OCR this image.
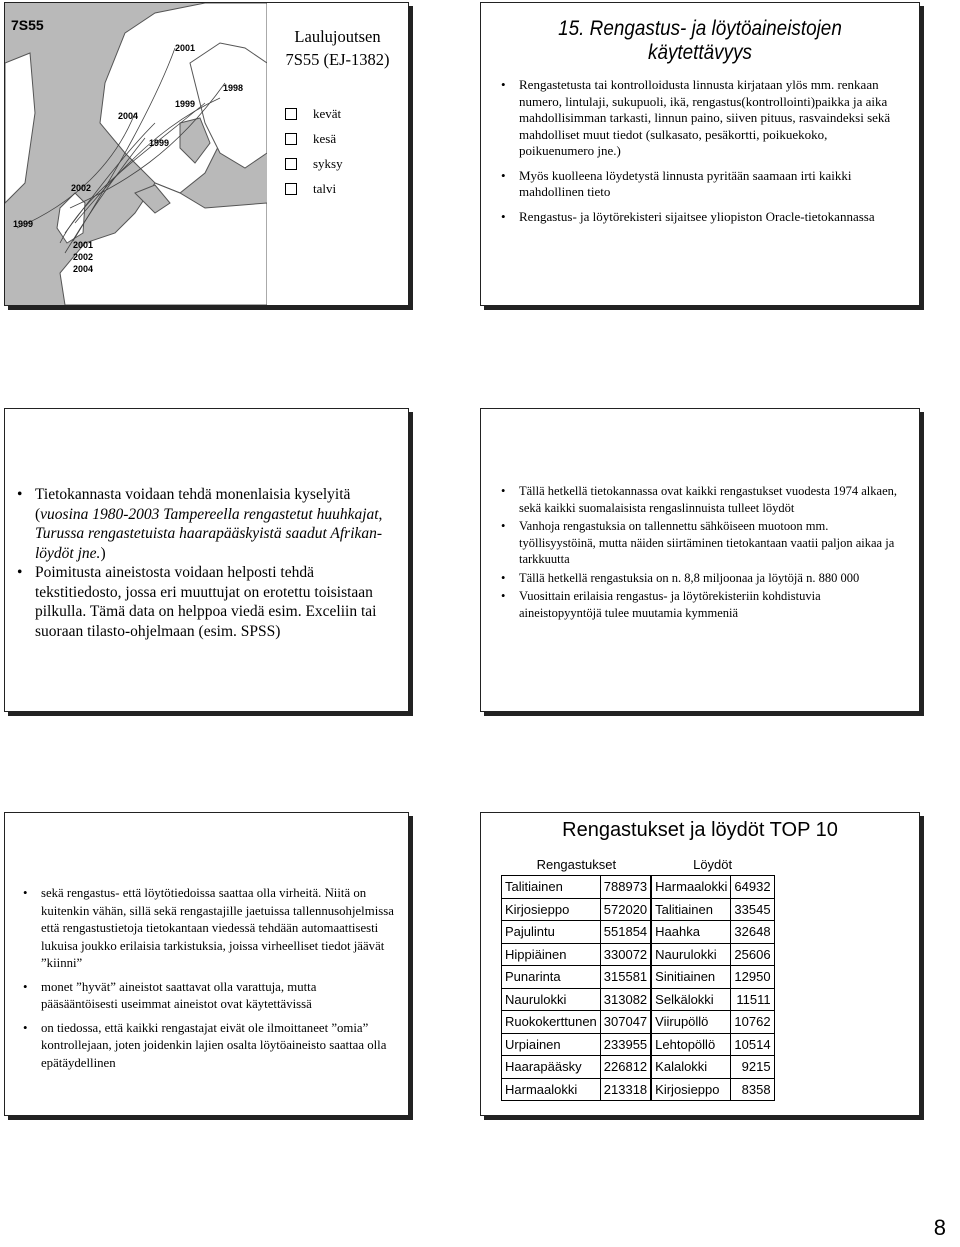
7S55
2001
1998
1999
2004
1999
2002
1999
2001
2002
2004
Laulujoutsen
7S55 (EJ-1382)
kevät
kesä
syksy
talvi
15. Rengastus- ja löytöaineistojen
käytettävyys
• Rengastetusta tai kontrolloidusta linnusta kirjataan ylös mm. renkaan numero, lintulaji, sukupuoli, ikä, rengastus(kontrollointi)paikka ja aika mahdollisimman tarkasti, linnun paino, siiven pituus, rasvaindeksi sekä mahdolliset muut tiedot (sulkasato, pesäkortti, poikuekoko, poikuenumero jne.)
• Myös kuolleena löydetystä linnusta pyritään saamaan irti kaikki mahdollinen tieto
• Rengastus- ja löytörekisteri sijaitsee yliopiston Oracle-tietokannassa
• Tietokannasta voidaan tehdä monenlaisia kyselyitä (vuosina 1980-2003 Tampereella rengastetut huuhkajat, Turussa rengastetuista haarapääskyistä saadut Afrikan-löydöt jne.)
• Poimitusta aineistosta voidaan helposti tehdä tekstitiedosto, jossa eri muuttujat on erotettu toisistaan pilkulla. Tämä data on helppoa viedä esim. Exceliin tai suoraan tilasto-ohjelmaan (esim. SPSS)
• Tällä hetkellä tietokannassa ovat kaikki rengastukset vuodesta 1974 alkaen, sekä kaikki suomalaisista rengaslinnuista tulleet löydöt
• Vanhoja rengastuksia on tallennettu sähköiseen muotoon mm. työllisyystöinä, mutta näiden siirtäminen tietokantaan vaatii paljon aikaa ja tarkkuutta
• Tällä hetkellä rengastuksia on n. 8,8 miljoonaa ja löytöjä n. 880 000
• Vuosittain erilaisia rengastus- ja löytörekisteriin kohdistuvia aineistopyyntöjä tulee muutamia kymmeniä
• sekä rengastus- että löytötiedoissa saattaa olla virheitä. Niitä on kuitenkin vähän, sillä sekä rengastajille jaetuissa tallennusohjelmissa että rengastustietoja tietokantaan viedessä tehdään automaattisesti lukuisa joukko erilaisia tarkistuksia, joissa virheelliset tiedot jäävät ”kiinni”
• monet ”hyvät” aineistot saattavat olla varattuja, mutta pääsääntöisesti useimmat aineistot ovat käytettävissä
• on tiedossa, että kaikki rengastajat eivät ole ilmoittaneet ”omia” kontrollejaan, joten joidenkin lajien osalta löytöaineisto saattaa olla epätäydellinen
Rengastukset ja löydöt TOP 10
Rengastukset		Löydöt	
Talitiainen	788973	Harmaalokki	64932
Kirjosieppo	572020	Talitiainen	33545
Pajulintu	551854	Haahka	32648
Hippiäinen	330072	Naurulokki	25606
Punarinta	315581	Sinitiainen	12950
Naurulokki	313082	Selkälokki	11511
Ruokokerttunen	307047	Viirupöllö	10762
Urpiainen	233955	Lehtopöllö	10514
Haarapääsky	226812	Kalalokki	9215
Harmaalokki	213318	Kirjosieppo	8358
8
